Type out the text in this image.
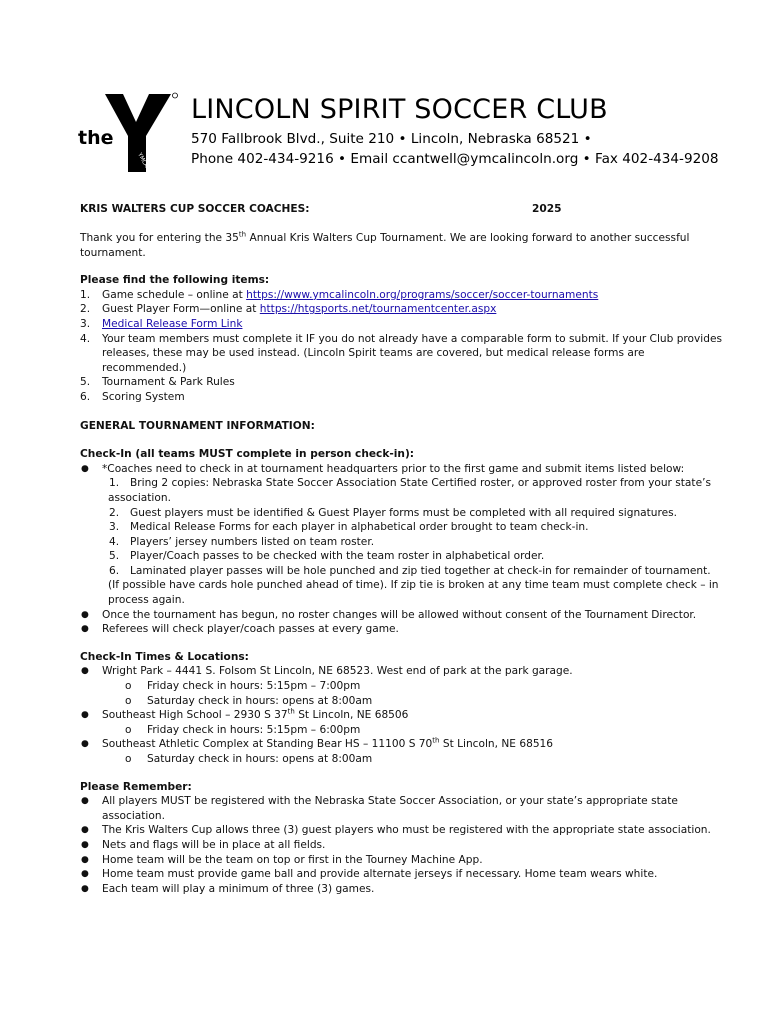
the
YMCA
LINCOLN SPIRIT SOCCER CLUB
570 Fallbrook Blvd., Suite 210 • Lincoln, Nebraska 68521 •
Phone 402-434-9216 • Email ccantwell@ymcalincoln.org • Fax 402-434-9208
KRIS WALTERS CUP SOCCER COACHES:	2025

Thank you for entering the 35th Annual Kris Walters Cup Tournament. We are looking forward to another successful

tournament.

Please find the following items:

1. Game schedule – online at https://www.ymcalincoln.org/programs/soccer/soccer-tournaments
2. Guest Player Form—online at https://htgsports.net/tournamentcenter.aspx
3. Medical Release Form Link
4. Your team members must complete it IF you do not already have a comparable form to submit. If your Club provides
releases, these may be used instead. (Lincoln Spirit teams are covered, but medical release forms are
recommended.)
5. Tournament & Park Rules
6. Scoring System

GENERAL TOURNAMENT INFORMATION:

Check-In (all teams MUST complete in person check-in):

● *Coaches need to check in at tournament headquarters prior to the first game and submit items listed below:
1.	Bring 2 copies: Nebraska State Soccer Association State Certified roster, or approved roster from your state’s
association.
2.	Guest players must be identified & Guest Player forms must be completed with all required signatures.
3.	Medical Release Forms for each player in alphabetical order brought to team check-in.
4.	Players’ jersey numbers listed on team roster.
5.	Player/Coach passes to be checked with the team roster in alphabetical order.
6.	Laminated player passes will be hole punched and zip tied together at check-in for remainder of tournament.
(If possible have cards hole punched ahead of time). If zip tie is broken at any time team must complete check – in
process again.
● Once the tournament has begun, no roster changes will be allowed without consent of the Tournament Director.
● Referees will check player/coach passes at every game.

Check-In Times & Locations:

● Wright Park – 4441 S. Folsom St Lincoln, NE 68523. West end of park at the park garage.
o Friday check in hours: 5:15pm – 7:00pm
o Saturday check in hours: opens at 8:00am
● Southeast High School – 2930 S 37th St Lincoln, NE 68506
o Friday check in hours: 5:15pm – 6:00pm
● Southeast Athletic Complex at Standing Bear HS – 11100 S 70th St Lincoln, NE 68516
o Saturday check in hours: opens at 8:00am

Please Remember:

● All players MUST be registered with the Nebraska State Soccer Association, or your state’s appropriate state
association.
● The Kris Walters Cup allows three (3) guest players who must be registered with the appropriate state association.
● Nets and flags will be in place at all fields.
● Home team will be the team on top or first in the Tourney Machine App.
● Home team must provide game ball and provide alternate jerseys if necessary. Home team wears white.
● Each team will play a minimum of three (3) games.
